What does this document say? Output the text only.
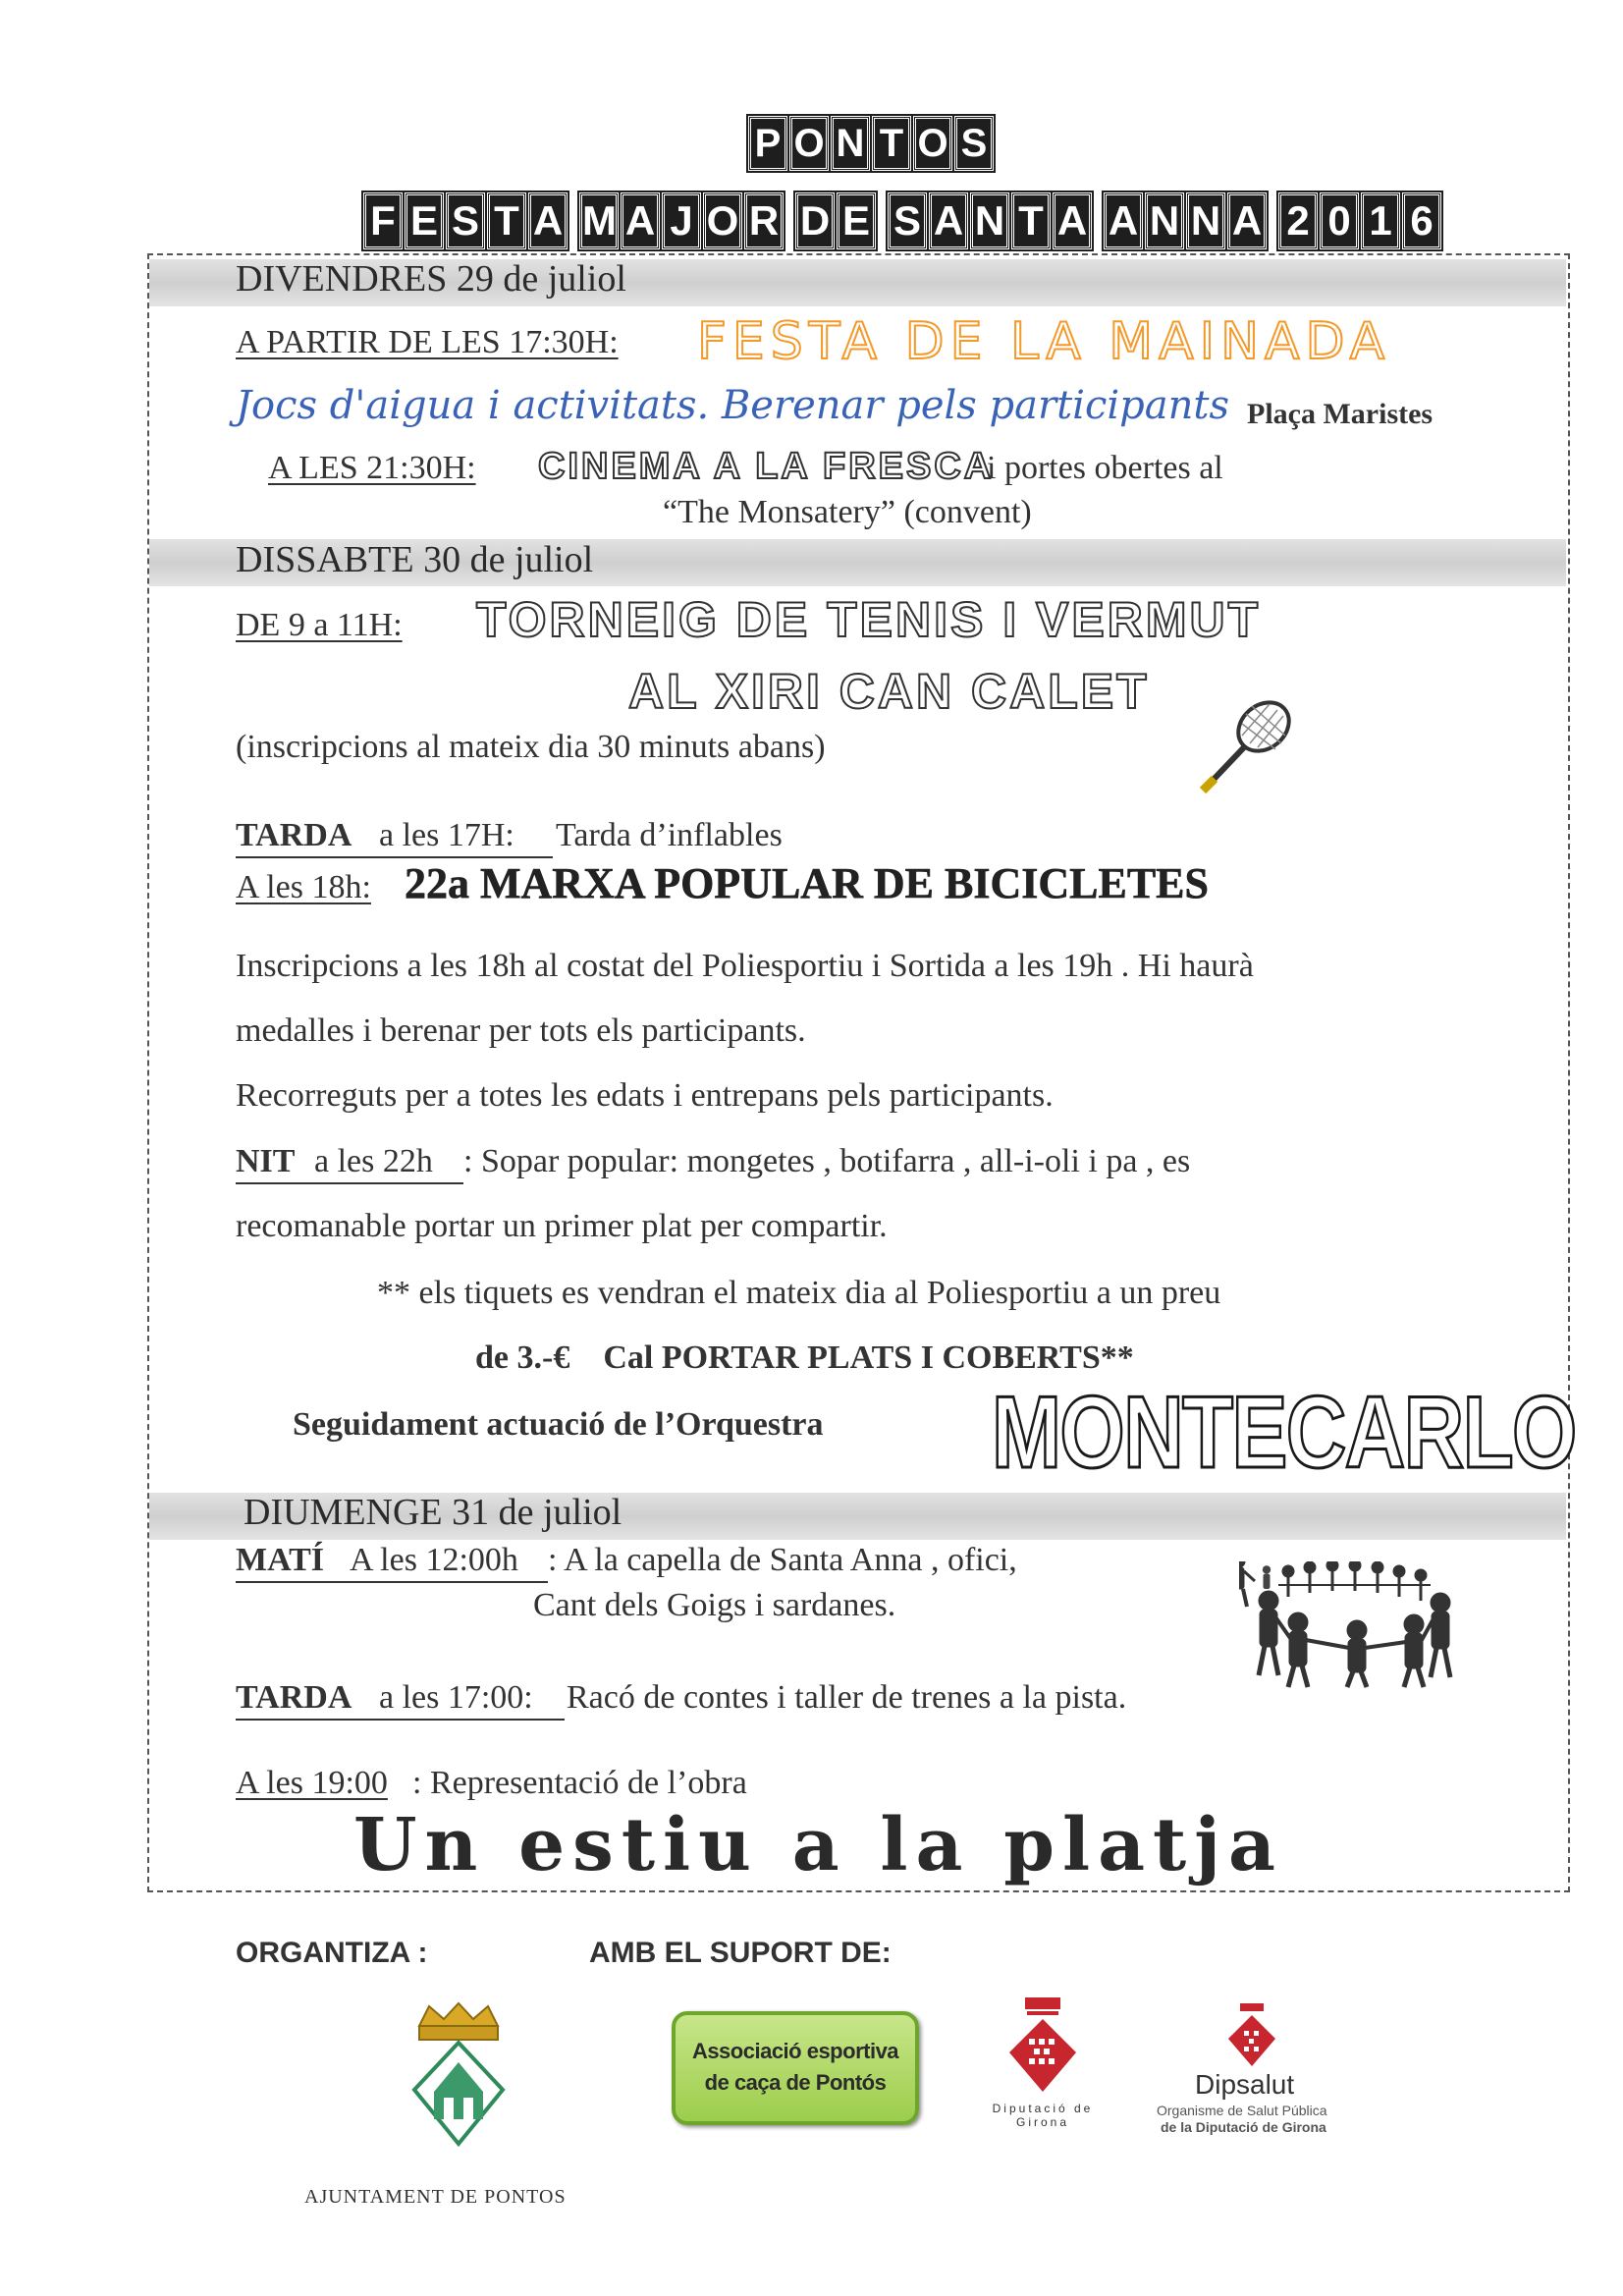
P O N T O S
F E S T A M A J O R D E S A N T A A N N A 2 0 1 6
DIVENDRES 29 de juliol
A PARTIR DE LES 17:30H: FESTA DE LA MAINADA
Jocs d'aigua i activitats. Berenar pels participants Plaça Maristes
A LES 21:30H: CINEMA A LA FRESCA
i portes obertes al
“The Monsatery” (convent)
DISSABTE 30 de juliol
DE 9 a 11H: TORNEIG DE TENIS I VERMUT
AL XIRI CAN CALET
(inscripcions al mateix dia 30 minuts abans)
TARDA a les 17H: Tarda d’inflables
A les 18h: 22a MARXA POPULAR DE BICICLETES
Inscripcions a les 18h al costat del Poliesportiu i Sortida a les 19h . Hi haurà
medalles i berenar per tots els participants.
Recorreguts per a totes les edats i entrepans pels participants.
NIT a les 22h : Sopar popular: mongetes , botifarra , all-i-oli i pa , es
recomanable portar un primer plat per compartir.
** els tiquets es vendran el mateix dia al Poliesportiu a un preu
de 3.-€    Cal PORTAR PLATS I COBERTS**
Seguidament actuació de l’Orquestra MONTECARLO
DIUMENGE 31 de juliol
MATÍ A les 12:00h : A la capella de Santa Anna , ofici,
Cant dels Goigs i sardanes.
TARDA a les 17:00: Racó de contes i taller de trenes a la pista.
A les 19:00 : Representació de l’obra
Un estiu a la platja
ORGANTIZA :	AMB EL SUPORT DE:
Associació esportiva
de caça de Pontós
Diputació de Girona
Dipsalut
Organisme de Salut Pública
de la Diputació de Girona
AJUNTAMENT DE PONTOS
